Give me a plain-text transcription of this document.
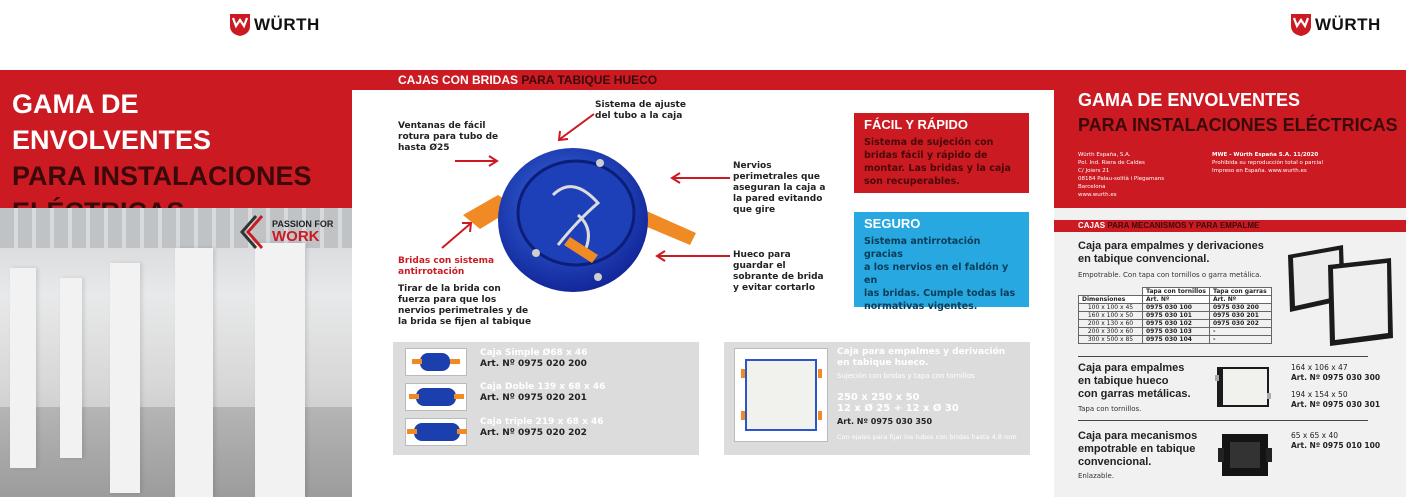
WÜRTH	WÜRTH
GAMA DE ENVOLVENTES
PARA INSTALACIONES
PASSION FOR
WORK
CAJAS CON BRIDAS PARA TABIQUE HUECO
Ventanas de fácil
rotura para tubo de
hasta Ø25
Sistema de ajuste
del tubo a la caja
Nervios
perimetrales que
aseguran la caja a
la pared evitando
que gire
Bridas con sistema
antirrotación
Tirar de la brida con
fuerza para que los
nervios perimetrales y de
la brida se fijen al tabique
Hueco para
guardar el
sobrante de brida
y evitar cortarlo
FÁCIL Y RÁPIDO
Sistema de sujeción con
bridas fácil y rápido de
montar. Las bridas y la caja
son recuperables.
SEGURO
Sistema antirrotación gracias
a los nervios en el faldón y en
las bridas. Cumple todas las
normativas vigentes.
Caja Simple Ø68 x 46
Art. Nº 0975 020 200
Caja Doble 139 x 68 x 46
Art. Nº 0975 020 201
Caja triple 219 x 68 x 46
Art. Nº 0975 020 202
Caja para empalmes y derivación
en tabique hueco.
Sujeción con bridas y tapa con tornillos
250 x 250 x 50
12 x Ø 25 + 12 x Ø 30
Art. Nº 0975 030 350
Con ojales para fijar los tubos con bridas hasta 4,8 mm
GAMA DE ENVOLVENTES
PARA INSTALACIONES ELÉCTRICAS
Würth España, S.A.
Pol. Ind. Riera de Caldes
C/ Joiers 21
08184 Palau-solità i Plegamans
Barcelona
www.wurth.es
MWE - Würth España S.A. 11/2020
Prohibida su reproducción total o parcial
Impreso en España. www.wurth.es
CAJAS PARA MECANISMOS Y PARA EMPALME
Caja para empalmes y derivaciones
en tabique convencional.
Empotrable. Con tapa con tornillos o garra metálica.
	Tapa con tornillos	Tapa con garras
Dimensiones	Art. Nº	Art. Nº
100 x 100 x 45	0975 030 100	0975 030 200
160 x 100 x 50	0975 030 101	0975 030 201
200 x 130 x 60	0975 030 102	0975 030 202
200 x 300 x 60	0975 030 103	-
300 x 500 x 85	0975 030 104	-
Caja para empalmes
en tabique hueco
con garras metálicas.
Tapa con tornillos.
164 x 106 x 47
Art. Nº 0975 030 300
194 x 154 x 50
Art. Nº 0975 030 301
Caja para mecanismos
empotrable en tabique
convencional.
Enlazable.
65 x 65 x 40
Art. Nº 0975 010 100
